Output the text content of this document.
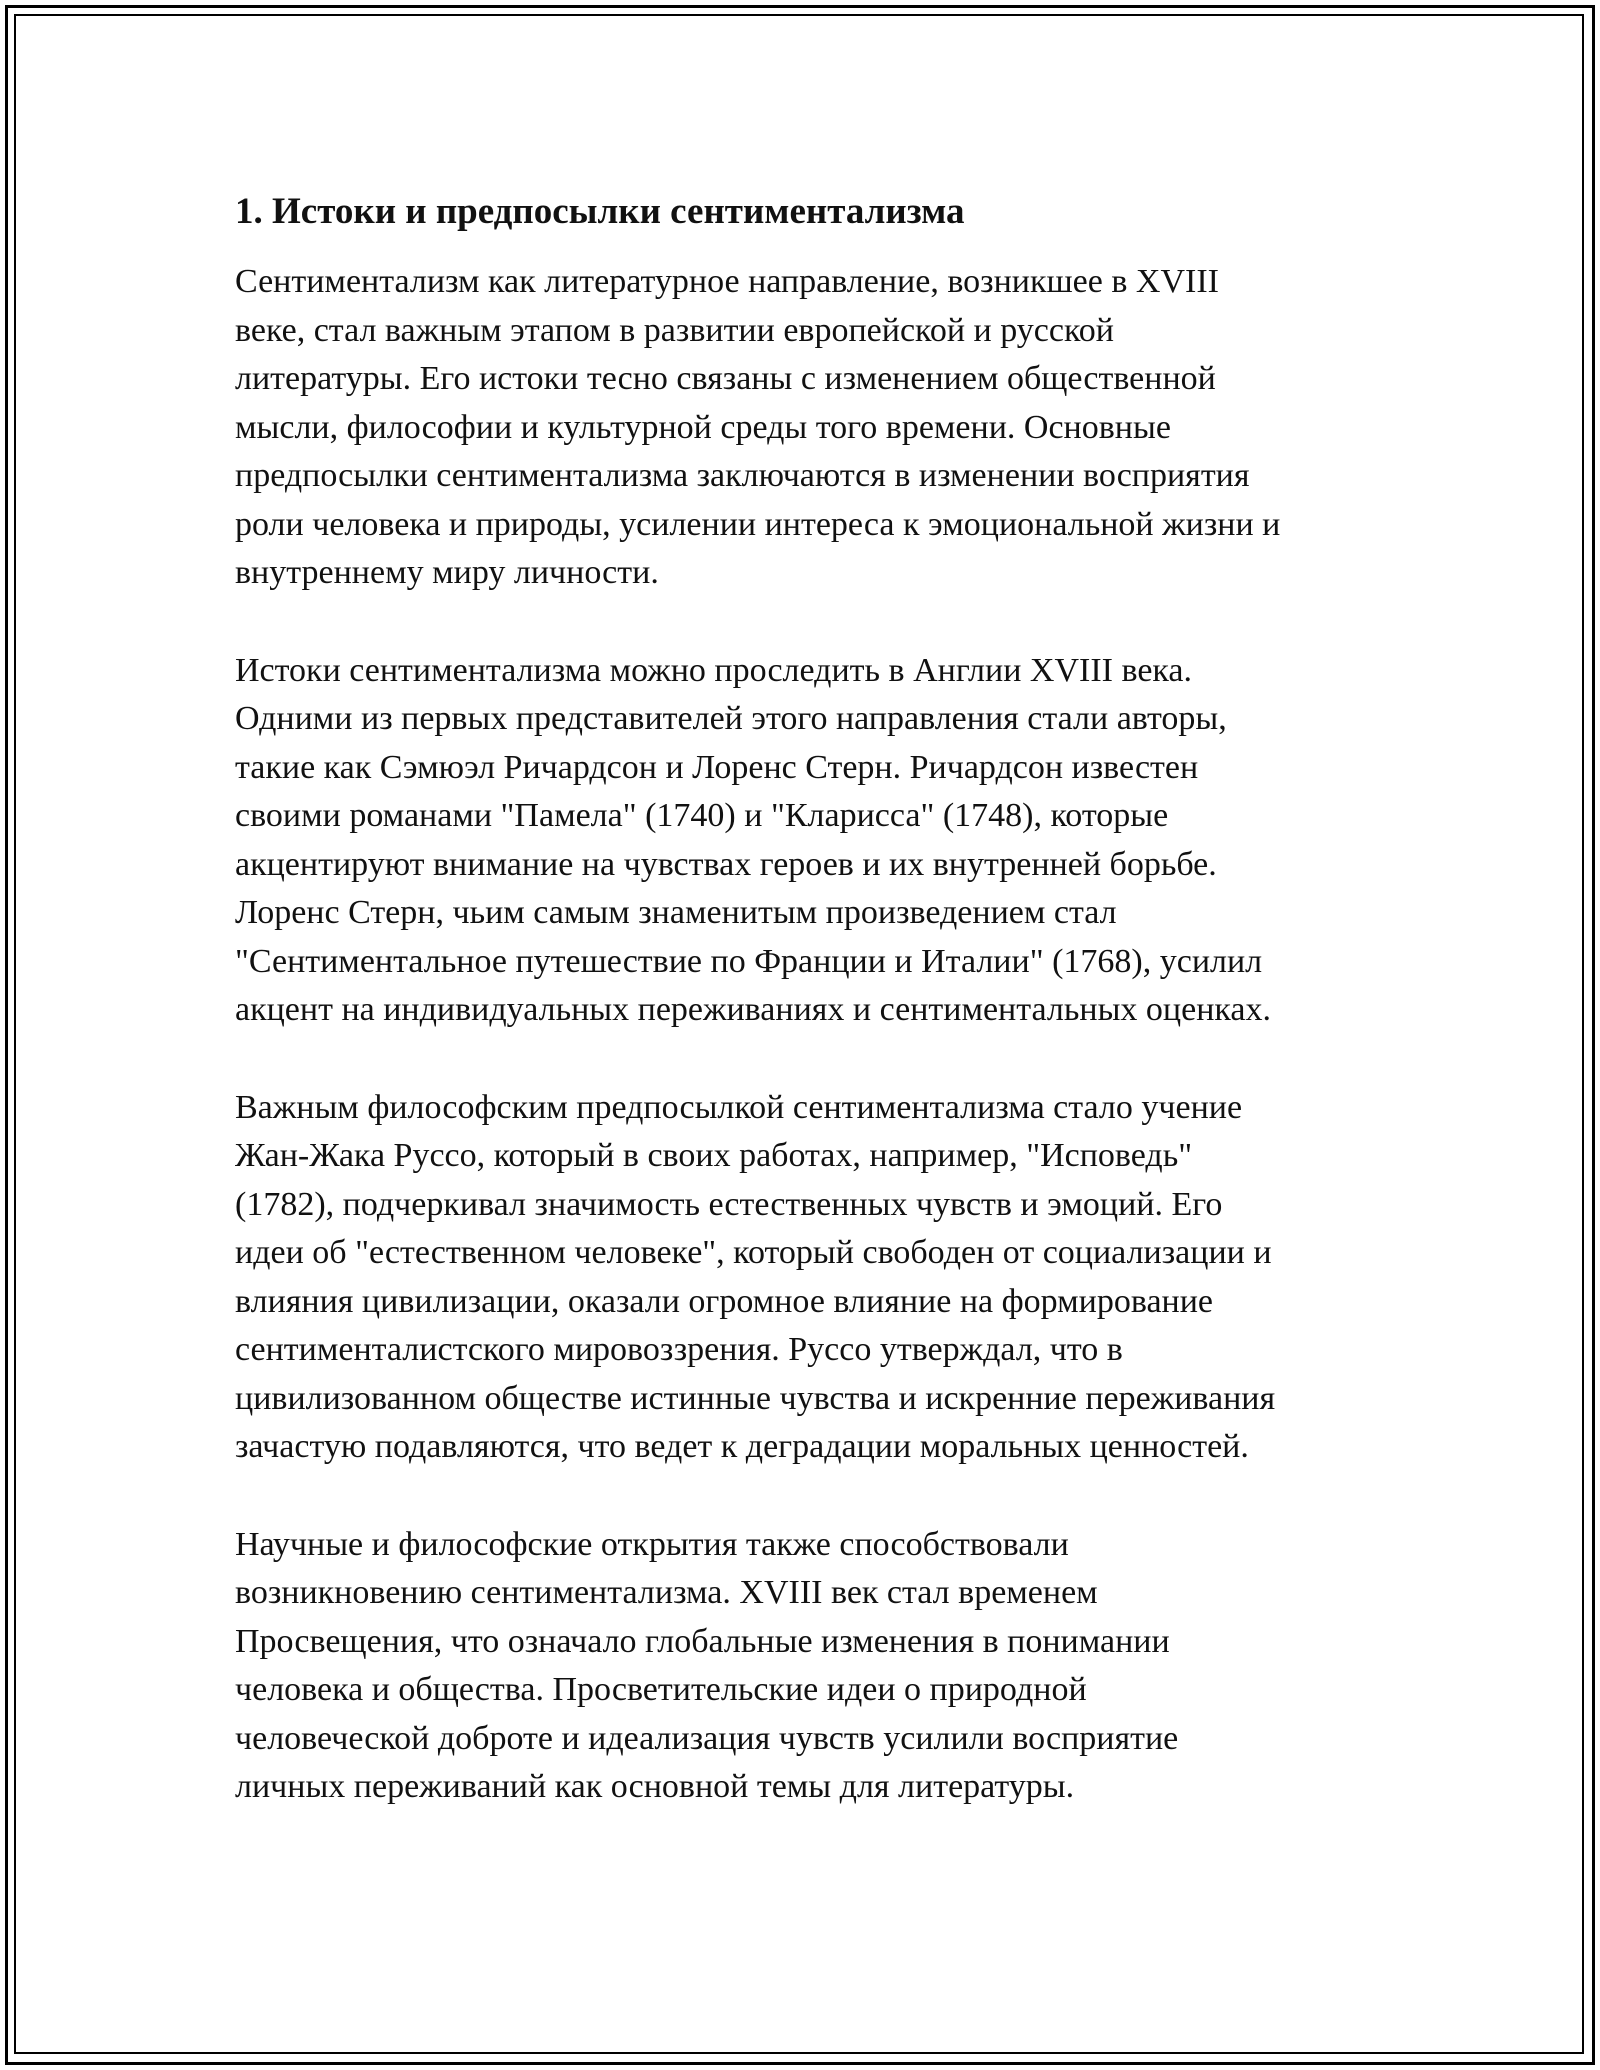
1. Истоки и предпосылки сентиментализма

Сентиментализм как литературное направление, возникшее в XVIII
веке, стал важным этапом в развитии европейской и русской
литературы. Его истоки тесно связаны с изменением общественной
мысли, философии и культурной среды того времени. Основные
предпосылки сентиментализма заключаются в изменении восприятия
роли человека и природы, усилении интереса к эмоциональной жизни и
внутреннему миру личности.

Истоки сентиментализма можно проследить в Англии XVIII века.
Одними из первых представителей этого направления стали авторы,
такие как Сэмюэл Ричардсон и Лоренс Стерн. Ричардсон известен
своими романами "Памела" (1740) и "Кларисса" (1748), которые
акцентируют внимание на чувствах героев и их внутренней борьбе.
Лоренс Стерн, чьим самым знаменитым произведением стал
"Сентиментальное путешествие по Франции и Италии" (1768), усилил
акцент на индивидуальных переживаниях и сентиментальных оценках.

Важным философским предпосылкой сентиментализма стало учение
Жан-Жака Руссо, который в своих работах, например, "Исповедь"
(1782), подчеркивал значимость естественных чувств и эмоций. Его
идеи об "естественном человеке", который свободен от социализации и
влияния цивилизации, оказали огромное влияние на формирование
сентименталистского мировоззрения. Руссо утверждал, что в
цивилизованном обществе истинные чувства и искренние переживания
зачастую подавляются, что ведет к деградации моральных ценностей.

Научные и философские открытия также способствовали
возникновению сентиментализма. XVIII век стал временем
Просвещения, что означало глобальные изменения в понимании
человека и общества. Просветительские идеи о природной
человеческой доброте и идеализация чувств усилили восприятие
личных переживаний как основной темы для литературы.
